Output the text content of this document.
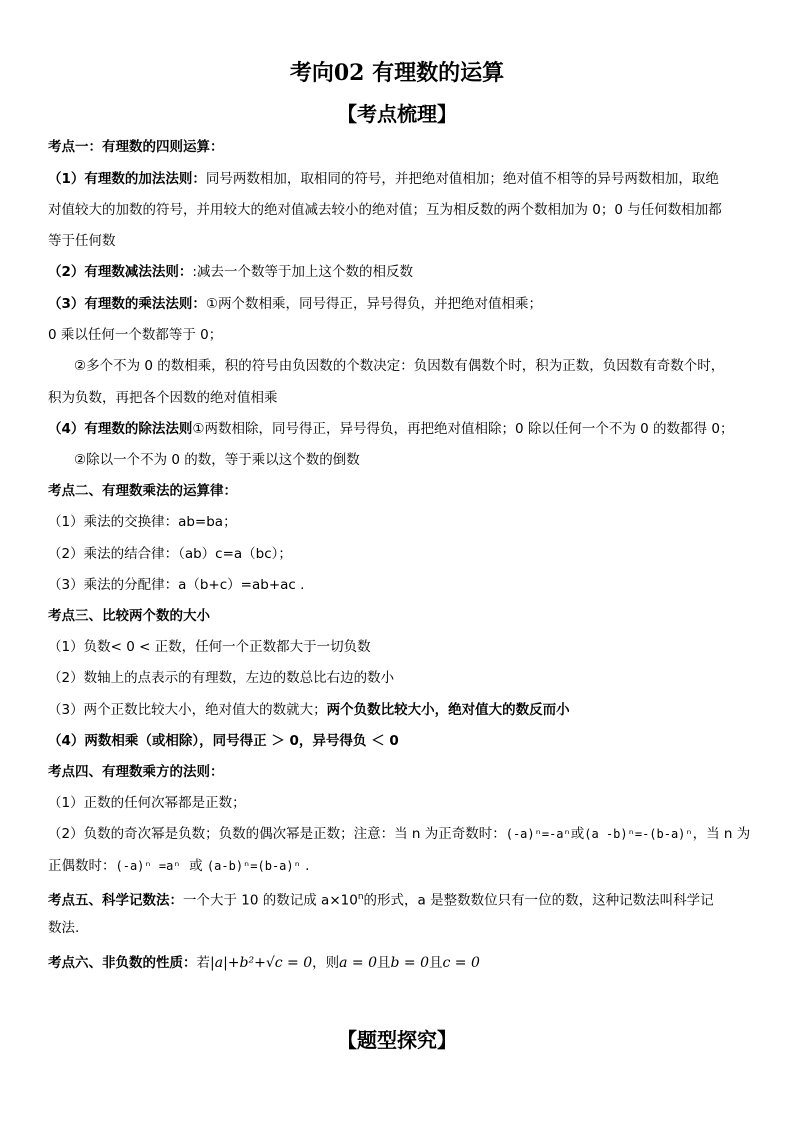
考向02 有理数的运算
【考点梳理】
考点一：有理数的四则运算：
（1）有理数的加法法则：同号两数相加，取相同的符号，并把绝对值相加；绝对值不相等的异号两数相加，取绝
对值较大的加数的符号，并用较大的绝对值减去较小的绝对值；互为相反数的两个数相加为 0；0 与任何数相加都
等于任何数
（2）有理数减法法则：:减去一个数等于加上这个数的相反数
（3）有理数的乘法法则：①两个数相乘，同号得正，异号得负，并把绝对值相乘；
0 乘以任何一个数都等于 0；
②多个不为 0 的数相乘，积的符号由负因数的个数决定：负因数有偶数个时，积为正数，负因数有奇数个时，
积为负数，再把各个因数的绝对值相乘
（4）有理数的除法法则①两数相除，同号得正，异号得负，再把绝对值相除；0 除以任何一个不为 0 的数都得 0；
②除以一个不为 0 的数，等于乘以这个数的倒数
考点二、有理数乘法的运算律：
（1）乘法的交换律：ab=ba；
（2）乘法的结合律：（ab）c=a（bc）；
（3）乘法的分配律：a（b+c）=ab+ac .
考点三、比较两个数的大小
（1）负数< 0 < 正数，任何一个正数都大于一切负数
（2）数轴上的点表示的有理数，左边的数总比右边的数小
（3）两个正数比较大小，绝对值大的数就大；两个负数比较大小，绝对值大的数反而小
（4）两数相乘（或相除），同号得正 ＞ 0，异号得负 ＜ 0
考点四、有理数乘方的法则：
（1）正数的任何次幂都是正数；
（2）负数的奇次幂是负数；负数的偶次幂是正数；注意：当 n 为正奇数时：(-a)ⁿ=-aⁿ或(a -b)ⁿ=-(b-a)ⁿ，当 n 为
正偶数时：(-a)ⁿ =aⁿ 或 (a-b)ⁿ=(b-a)ⁿ .
考点五、科学记数法：一个大于 10 的数记成 $a\times 10^n$的形式，a 是整数数位只有一位的数，这种记数法叫科学记
数法.
考点六、非负数的性质：若|a|+b²+√c = 0，则a = 0且b = 0且c = 0
【题型探究】
